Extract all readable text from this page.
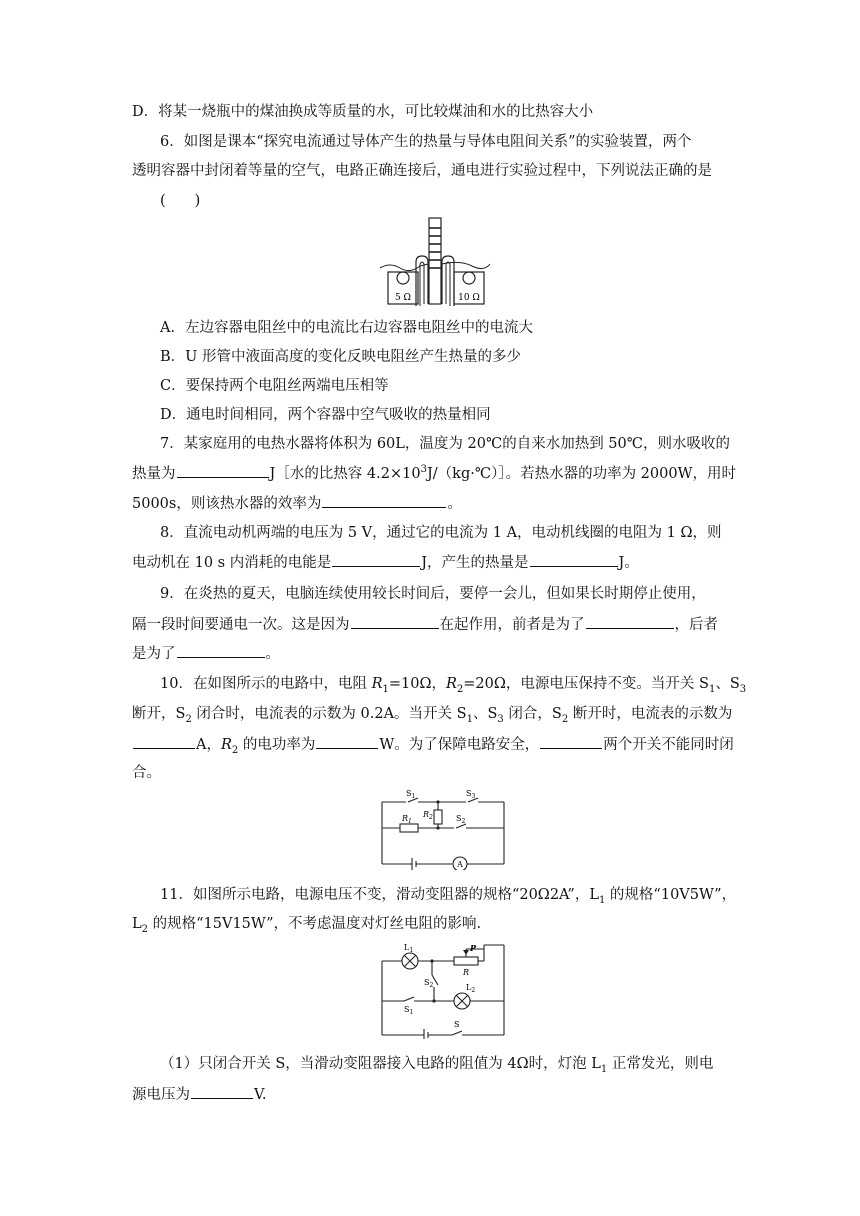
D．将某一烧瓶中的煤油换成等质量的水，可比较煤油和水的比热容大小
6．如图是课本“探究电流通过导体产生的热量与导体电阻间关系”的实验装置，两个
透明容器中封闭着等量的空气，电路正确连接后，通电进行实验过程中，下列说法正确的是
(　　)
5 Ω	10 Ω
A．左边容器电阻丝中的电流比右边容器电阻丝中的电流大
B．U 形管中液面高度的变化反映电阻丝产生热量的多少
C．要保持两个电阻丝两端电压相等
D．通电时间相同，两个容器中空气吸收的热量相同
7．某家庭用的电热水器将体积为 60L，温度为 20℃的自来水加热到 50℃，则水吸收的
热量为	J［水的比热容 $4.2\times 10^3J/(kg\cdot℃)]$。若热水器的功率为 2000W，用时
5000s，则该热水器的效率为	。
8．直流电动机两端的电压为 5 V，通过它的电流为 1 A，电动机线圈的电阻为 1 Ω，则
电动机在 10 s 内消耗的电能是	J，产生的热量是	J。
9．在炎热的夏天，电脑连续使用较长时间后，要停一会儿，但如果长时期停止使用，
隔一段时间要通电一次。这是因为	在起作用，前者是为了	，后者
是为了	。
10．在如图所示的电路中，电阻 $R_1=10\Omega$，$R_2=20\Omega$，电源电压保持不变。当开关 $S_1$、$S_3$
断开，$S_2$ 闭合时，电流表的示数为 0.2A。当开关 $S_1$、$S_3$ 闭合，$S_2$ 断开时，电流表的示数为
A，$R_2$ 的电功率为	W。为了保障电路安全，	两个开关不能同时闭
合。
$S_1$	$S_3$
$S_2$
$R_1$
$R_2$
A
11．如图所示电路，电源电压不变，滑动变阻器的规格“20Ω2A”，$L_1$ 的规格“10V5W”，
$L_2$ 的规格“15V15W”，不考虑温度对灯丝电阻的影响.
$L_1$	P
R
$S_2$	$L_2$
$S_1$
S
（1）只闭合开关 S，当滑动变阻器接入电路的阻值为 4Ω时，灯泡 $L_1$ 正常发光，则电
源电压为	V.
